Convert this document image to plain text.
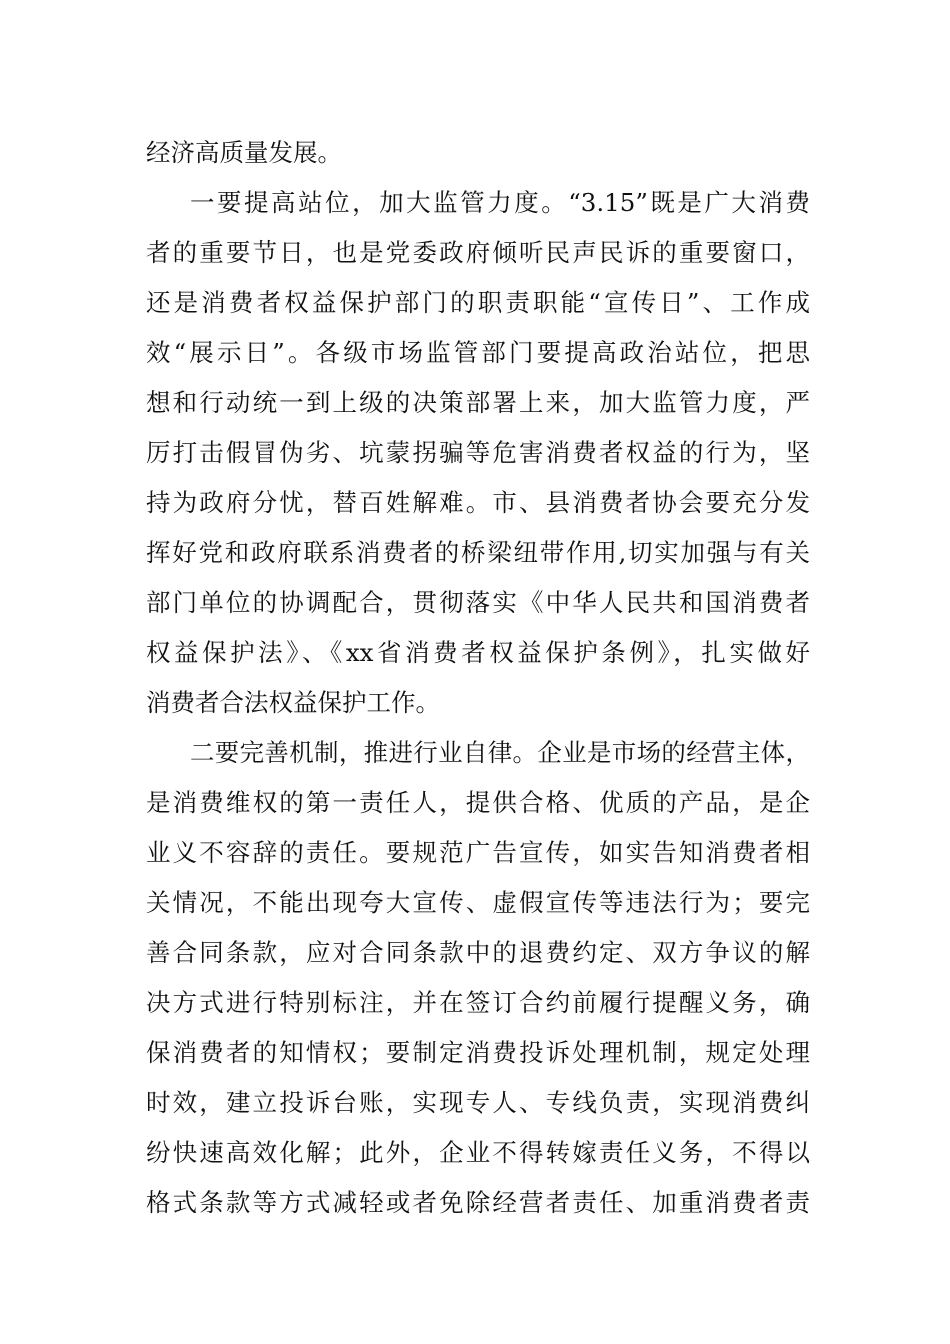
经济高质量发展。
一要提高站位，加大监管力度。“3.15”既是广大消费
者的重要节日，也是党委政府倾听民声民诉的重要窗口，
还是消费者权益保护部门的职责职能“宣传日”、工作成
效“展示日”。各级市场监管部门要提高政治站位，把思
想和行动统一到上级的决策部署上来，加大监管力度，严
厉打击假冒伪劣、坑蒙拐骗等危害消费者权益的行为，坚
持为政府分忧，替百姓解难。市、县消费者协会要充分发
挥好党和政府联系消费者的桥梁纽带作用,切实加强与有关
部门单位的协调配合，贯彻落实《中华人民共和国消费者
权益保护法》、《xx省消费者权益保护条例》，扎实做好
消费者合法权益保护工作。
二要完善机制，推进行业自律。企业是市场的经营主体，
是消费维权的第一责任人，提供合格、优质的产品，是企
业义不容辞的责任。要规范广告宣传，如实告知消费者相
关情况，不能出现夸大宣传、虚假宣传等违法行为；要完
善合同条款，应对合同条款中的退费约定、双方争议的解
决方式进行特别标注，并在签订合约前履行提醒义务，确
保消费者的知情权；要制定消费投诉处理机制，规定处理
时效，建立投诉台账，实现专人、专线负责，实现消费纠
纷快速高效化解；此外，企业不得转嫁责任义务，不得以
格式条款等方式减轻或者免除经营者责任、加重消费者责
